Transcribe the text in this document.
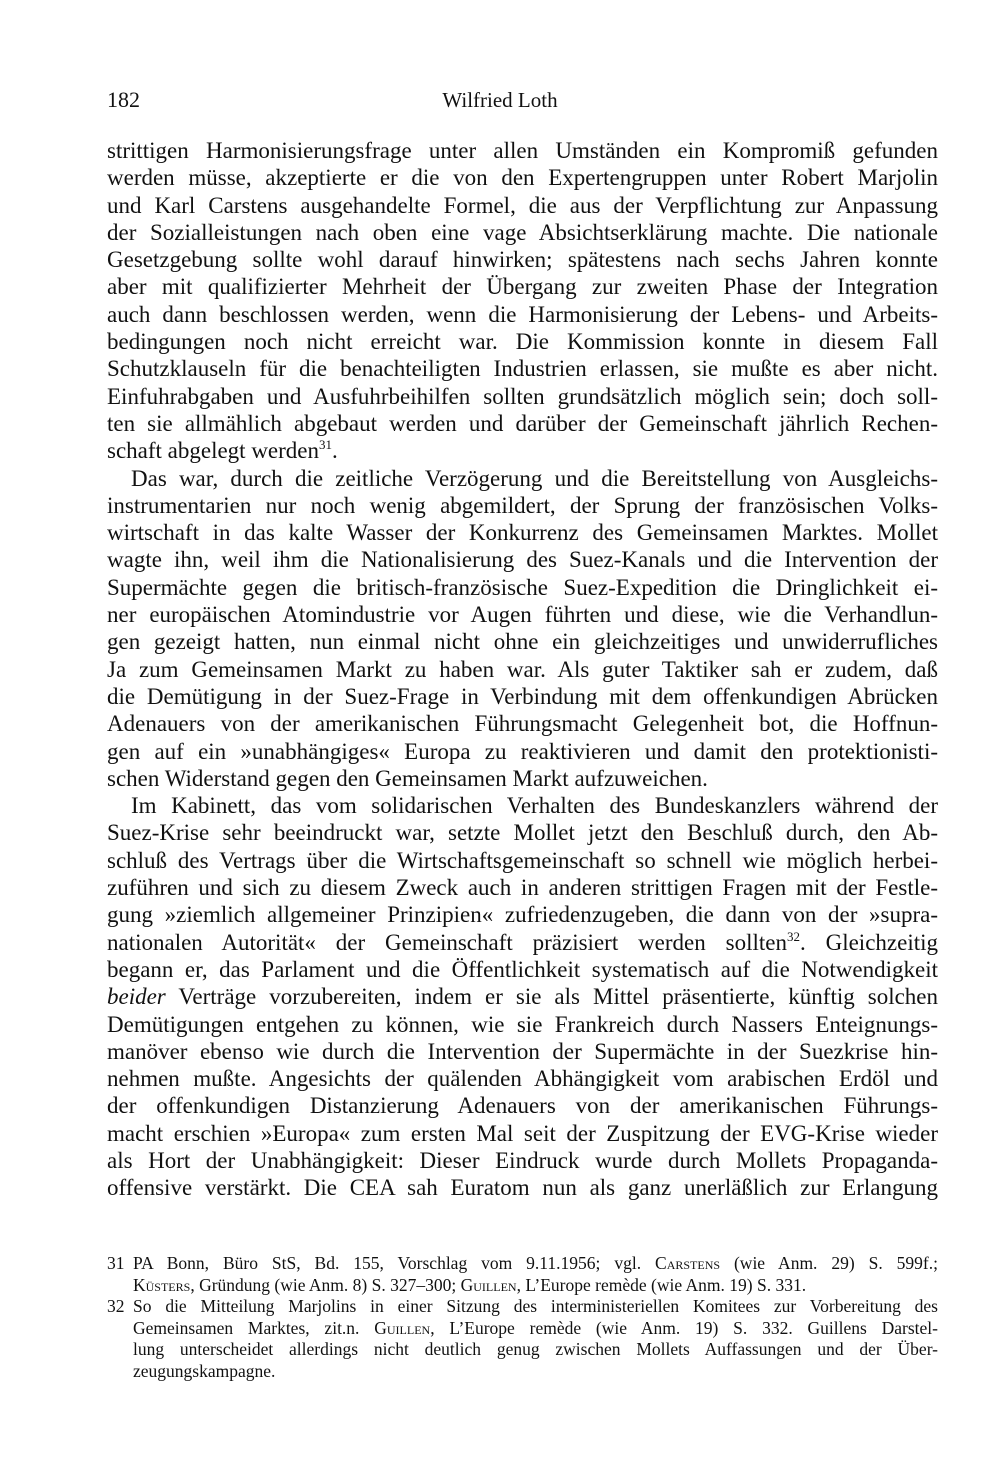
182	Wilfried Loth
strittigen Harmonisierungsfrage unter allen Umständen ein Kompromiß gefunden
werden müsse, akzeptierte er die von den Expertengruppen unter Robert Marjolin
und Karl Carstens ausgehandelte Formel, die aus der Verpflichtung zur Anpassung
der Sozialleistungen nach oben eine vage Absichtserklärung machte. Die nationale
Gesetzgebung sollte wohl darauf hinwirken; spätestens nach sechs Jahren konnte
aber mit qualifizierter Mehrheit der Übergang zur zweiten Phase der Integration
auch dann beschlossen werden, wenn die Harmonisierung der Lebens- und Arbeits-
bedingungen noch nicht erreicht war. Die Kommission konnte in diesem Fall
Schutzklauseln für die benachteiligten Industrien erlassen, sie mußte es aber nicht.
Einfuhrabgaben und Ausfuhrbeihilfen sollten grundsätzlich möglich sein; doch soll-
ten sie allmählich abgebaut werden und darüber der Gemeinschaft jährlich Rechen-
schaft abgelegt werden$^{31}$.
Das war, durch die zeitliche Verzögerung und die Bereitstellung von Ausgleichs-
instrumentarien nur noch wenig abgemildert, der Sprung der französischen Volks-
wirtschaft in das kalte Wasser der Konkurrenz des Gemeinsamen Marktes. Mollet
wagte ihn, weil ihm die Nationalisierung des Suez-Kanals und die Intervention der
Supermächte gegen die britisch-französische Suez-Expedition die Dringlichkeit ei-
ner europäischen Atomindustrie vor Augen führten und diese, wie die Verhandlun-
gen gezeigt hatten, nun einmal nicht ohne ein gleichzeitiges und unwiderrufliches
Ja zum Gemeinsamen Markt zu haben war. Als guter Taktiker sah er zudem, daß
die Demütigung in der Suez-Frage in Verbindung mit dem offenkundigen Abrücken
Adenauers von der amerikanischen Führungsmacht Gelegenheit bot, die Hoffnun-
gen auf ein »unabhängiges« Europa zu reaktivieren und damit den protektionisti-
schen Widerstand gegen den Gemeinsamen Markt aufzuweichen.
Im Kabinett, das vom solidarischen Verhalten des Bundeskanzlers während der
Suez-Krise sehr beeindruckt war, setzte Mollet jetzt den Beschluß durch, den Ab-
schluß des Vertrags über die Wirtschaftsgemeinschaft so schnell wie möglich herbei-
zuführen und sich zu diesem Zweck auch in anderen strittigen Fragen mit der Festle-
gung »ziemlich allgemeiner Prinzipien« zufriedenzugeben, die dann von der »supra-
nationalen Autorität« der Gemeinschaft präzisiert werden sollten$^{32}$. Gleichzeitig
begann er, das Parlament und die Öffentlichkeit systematisch auf die Notwendigkeit
beider Verträge vorzubereiten, indem er sie als Mittel präsentierte, künftig solchen
Demütigungen entgehen zu können, wie sie Frankreich durch Nassers Enteignungs-
manöver ebenso wie durch die Intervention der Supermächte in der Suezkrise hin-
nehmen mußte. Angesichts der quälenden Abhängigkeit vom arabischen Erdöl und
der offenkundigen Distanzierung Adenauers von der amerikanischen Führungs-
macht erschien »Europa« zum ersten Mal seit der Zuspitzung der EVG-Krise wieder
als Hort der Unabhängigkeit: Dieser Eindruck wurde durch Mollets Propaganda-
offensive verstärkt. Die CEA sah Euratom nun als ganz unerläßlich zur Erlangung
31 PA Bonn, Büro StS, Bd. 155, Vorschlag vom 9.11.1956; vgl. Carstens (wie Anm. 29) S. 599f.;
Küsters, Gründung (wie Anm. 8) S. 327–300; Guillen, L’Europe remède (wie Anm. 19) S. 331.
32 So die Mitteilung Marjolins in einer Sitzung des interministeriellen Komitees zur Vorbereitung des
Gemeinsamen Marktes, zit.n. Guillen, L’Europe remède (wie Anm. 19) S. 332. Guillens Darstel-
lung unterscheidet allerdings nicht deutlich genug zwischen Mollets Auffassungen und der Über-
zeugungskampagne.
